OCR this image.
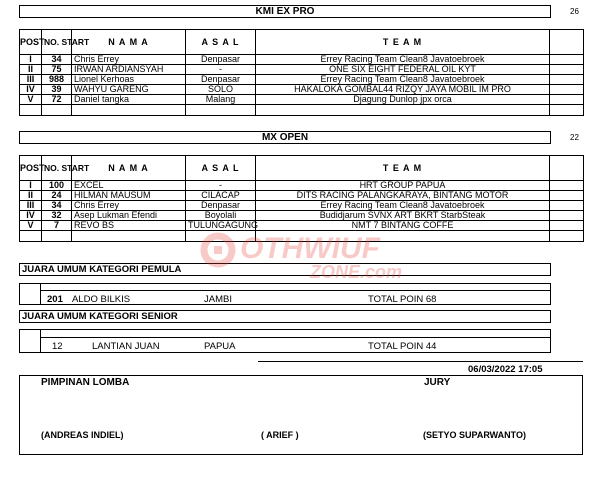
KMI EX PRO	26
POST	NO. START	N A M A	A S A L	T E A M	
I	34	Chris Errey	Denpasar	Errey Racing Team Clean8 Javatoebroek	
II	75	IRWAN ARDIANSYAH	-	ONE SIX EIGHT FEDERAL OIL KYT	
III	988	Lionel Kerhoas	Denpasar	Errey Racing Team Clean8 Javatoebroek	
IV	39	WAHYU GARENG	SOLO	HAKALOKA GOMBAL44 RIZQY JAYA MOBIL IM PRO	
V	72	Daniel tangka	Malang	Djagung Dunlop jpx orca	

MX OPEN	22
POST	NO. START	N A M A	A S A L	T E A M	
I	100	EXCEL	-	HRT GROUP PAPUA	
II	24	HILMAN MAUSUM	CILACAP	DITS RACING PALANGKARAYA, BINTANG MOTOR	
III	34	Chris Errey	Denpasar	Errey Racing Team Clean8 Javatoebroek	
IV	32	Asep Lukman Efendi	Boyolali	Budidjarum SVNX ART BKRT StarbSteak	
V	7	REVO BS	TULUNGAGUNG	NMT 7 BINTANG COFFE	

JUARA UMUM KATEGORI PEMULA
201 ALDO BILKIS	JAMBI	TOTAL POIN 68
JUARA UMUM KATEGORI SENIOR
12	LANTIAN JUAN	PAPUA	TOTAL POIN 44
06/03/2022 17:05
PIMPINAN LOMBA	JURY
(ANDREAS INDIEL)	( ARIEF )	(SETYO SUPARWANTO)
OTHWIUF
ZONE.com
